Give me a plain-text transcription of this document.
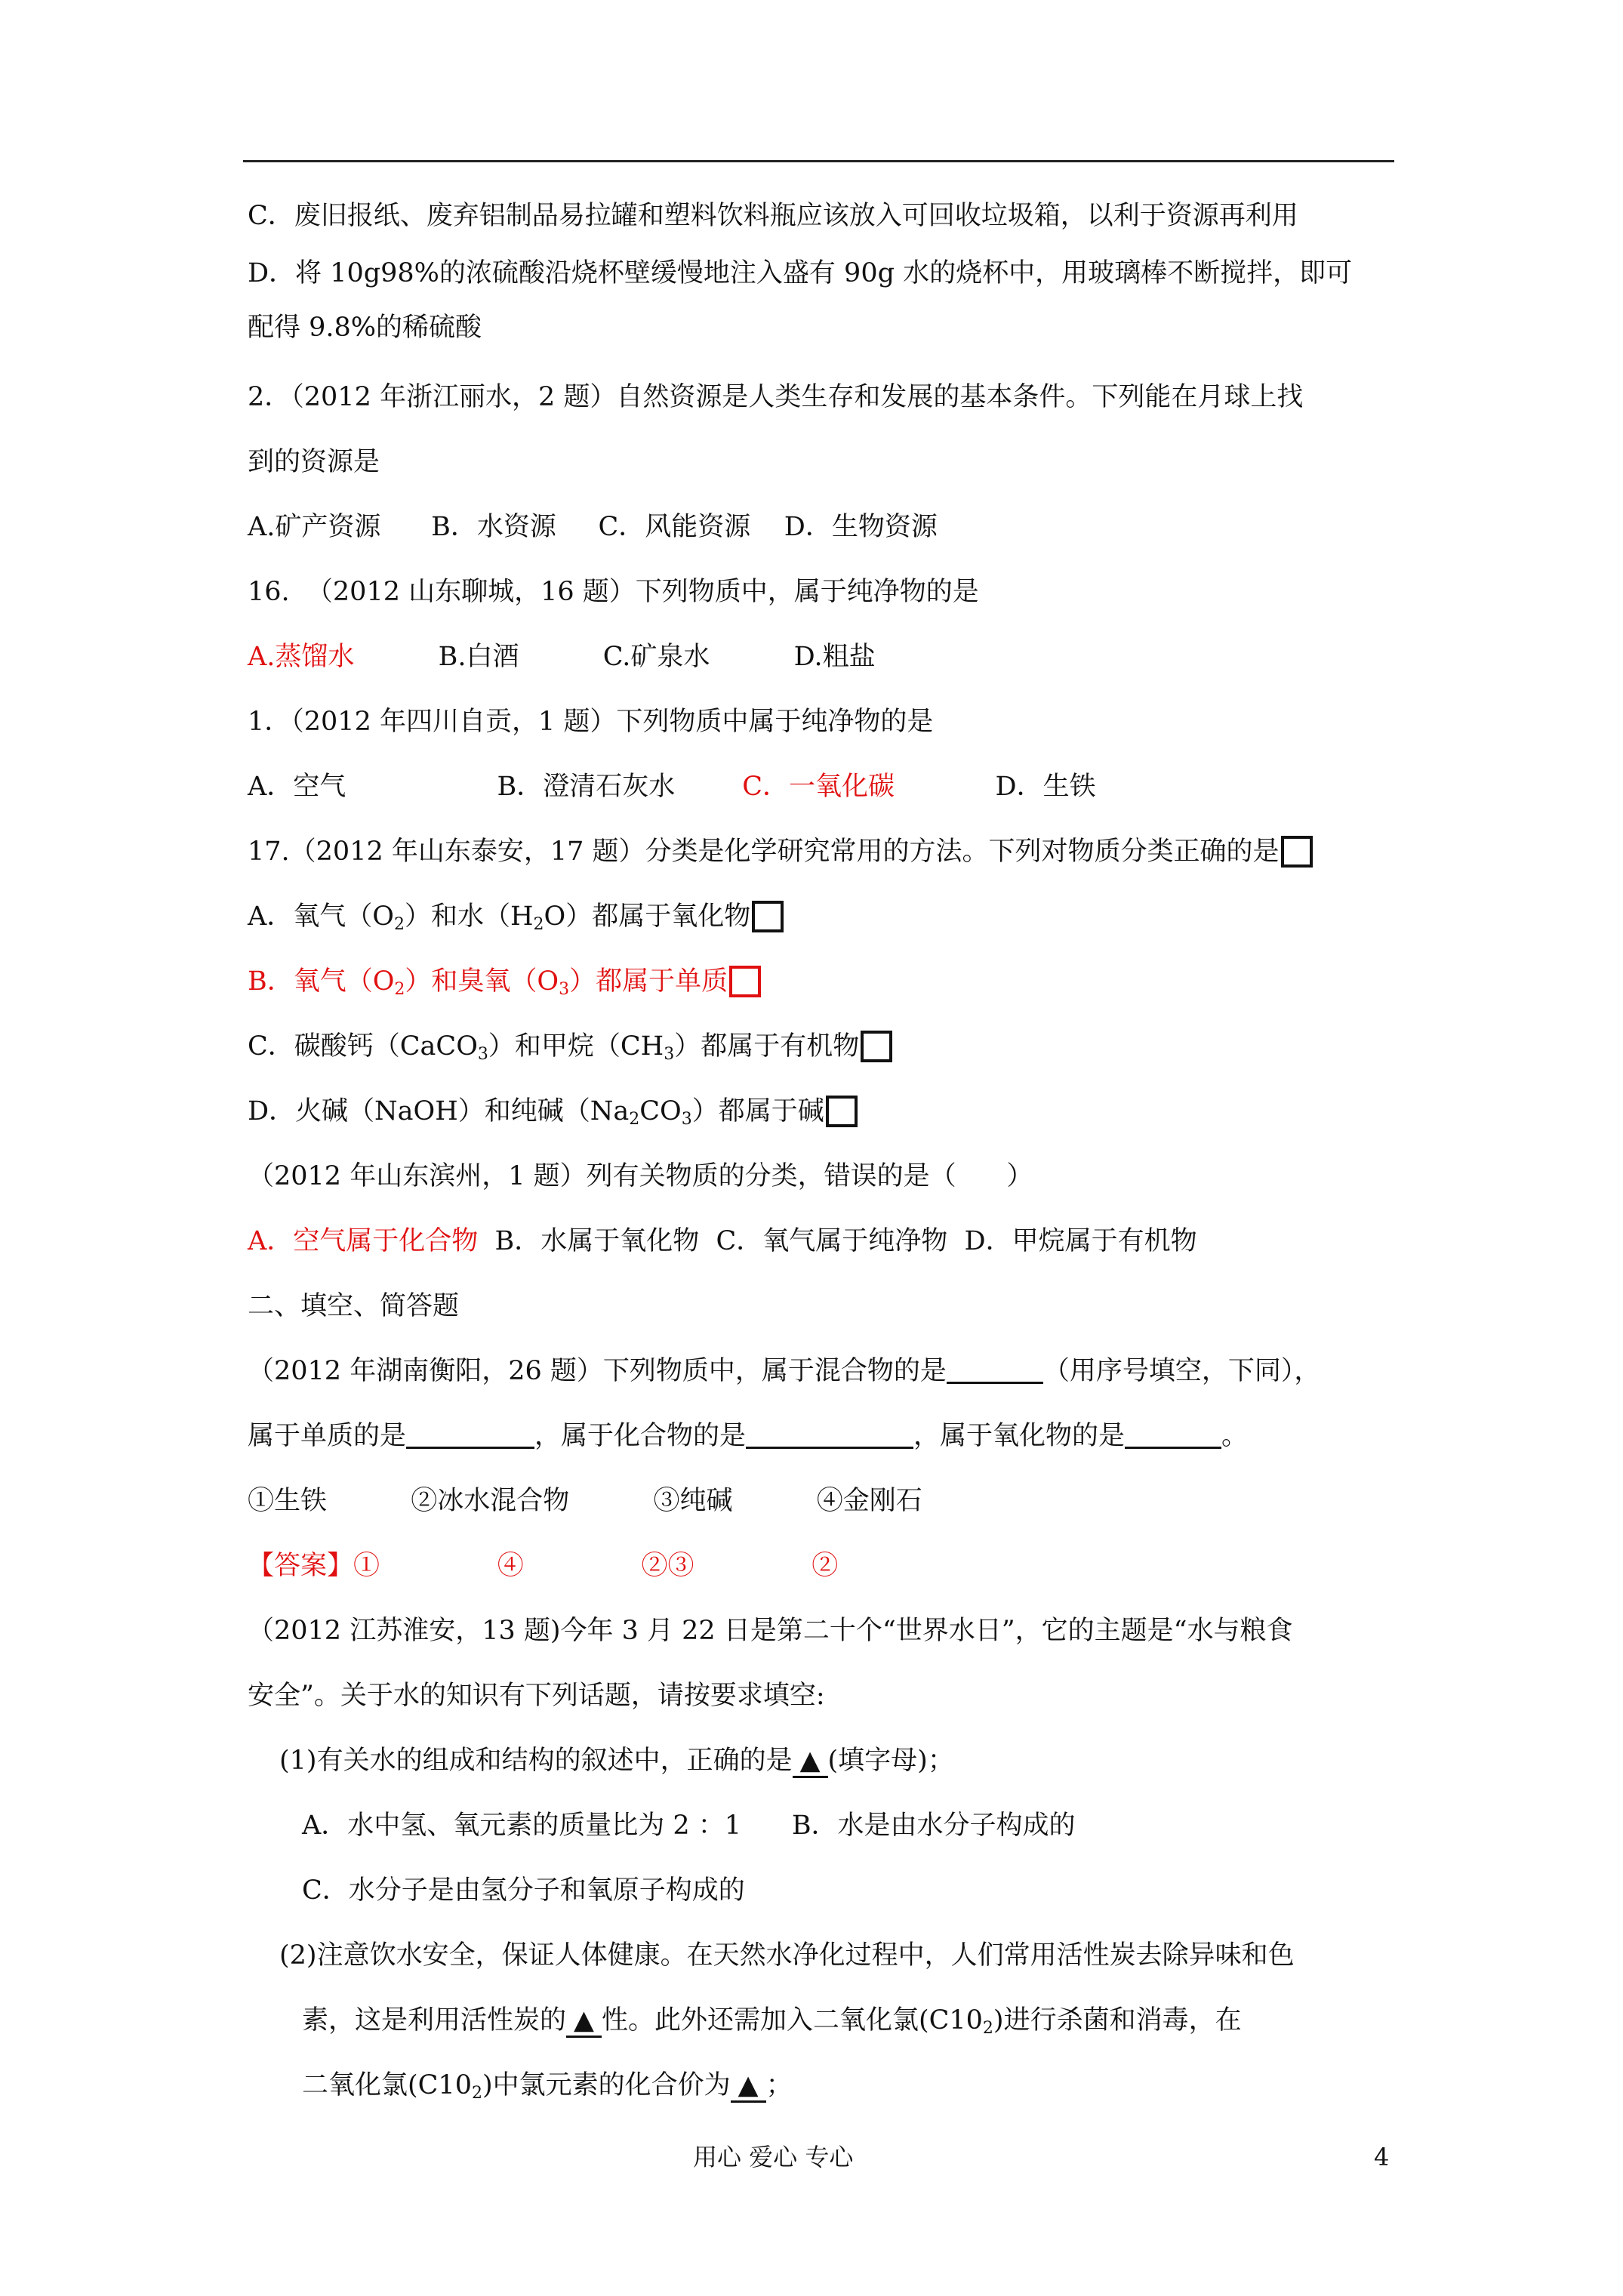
C．废旧报纸、废弃铝制品易拉罐和塑料饮料瓶应该放入可回收垃圾箱，以利于资源再利用
D．将 10g98%的浓硫酸沿烧杯壁缓慢地注入盛有 90g 水的烧杯中，用玻璃棒不断搅拌，即可
配得 9.8%的稀硫酸
2．（2012 年浙江丽水，2 题）自然资源是人类生存和发展的基本条件。下列能在月球上找
到的资源是
A.矿产资源      B．水资源     C．风能资源    D．生物资源
16.  （2012 山东聊城，16 题）下列物质中，属于纯净物的是
A.蒸馏水          B.白酒          C.矿泉水          D.粗盐
1．（2012 年四川自贡，1 题）下列物质中属于纯净物的是
A．空气                  B．澄清石灰水        C．一氧化碳            D．生铁
17.（2012 年山东泰安，17 题）分类是化学研究常用的方法。下列对物质分类正确的是
A．氧气$(O_2)$和水$(H_2O)$都属于氧化物
B．氧气$(O_2)$和臭氧$(O_3)$都属于单质
C．碳酸钙（CaCO$_3$）和甲烷$(CH_3)$都属于有机物
D．火碱（NaOH）和纯碱$(Na_2CO_3)$都属于碱
（2012 年山东滨州，1 题）列有关物质的分类，错误的是（      ）
A．空气属于化合物  B．水属于氧化物  C．氧气属于纯净物  D．甲烷属于有机物
二、填空、简答题
（2012 年湖南衡阳，26 题）下列物质中，属于混合物的是	（用序号填空，下同），
属于单质的是	，属于化合物的是	，属于氧化物的是	。
①生铁          ②冰水混合物          ③纯碱          ④金刚石
【答案】①              ④              ②③              ②
（2012 江苏淮安，13 题)今年 3 月 22 日是第二十个“世界水日”，它的主题是“水与粮食
安全”。关于水的知识有下列话题，请按要求填空:
(1)有关水的组成和结构的叙述中，正确的是 ▲ (填字母)；
A．水中氢、氧元素的质量比为 2 ：1      B．水是由水分子构成的
C．水分子是由氢分子和氧原子构成的
(2)注意饮水安全，保证人体健康。在天然水净化过程中，人们常用活性炭去除异味和色
素，这是利用活性炭的 ▲ 性。此外还需加入二氧化氯$(C10_2)$进行杀菌和消毒，在
二氧化氯$(C10_2)$中氯元素的化合价为 ▲ ；
用心 爱心 专心	4
